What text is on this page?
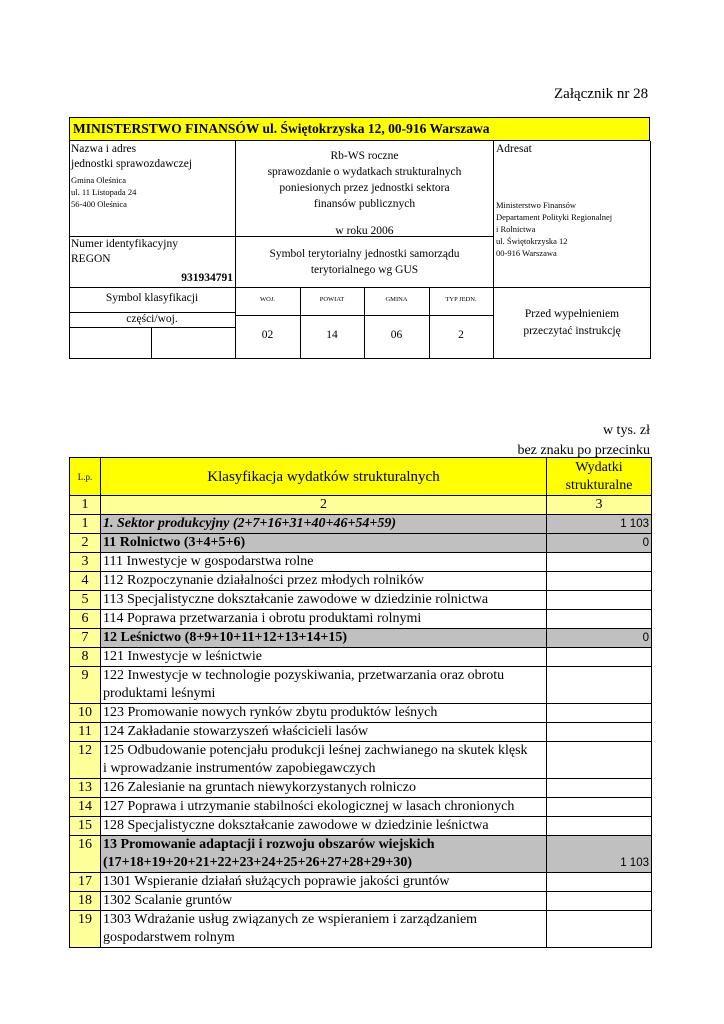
Załącznik nr 28
MINISTERSTWO FINANSÓW ul. Świętokrzyska 12, 00-916 Warszawa
Nazwa i adres
jednostki sprawozdawczej
Gmina Oleśnica
ul. 11 Listopada 24
56-400 Oleśnica
Rb-WS roczne
sprawozdanie o wydatkach strukturalnych
poniesionych przez jednostki sektora
finansów publicznych
w roku 2006
Adresat
Ministerstwo Finansów
Departament Polityki Regionalnej
i Rolnictwa
ul. Świętokrzyska 12
00-916 Warszawa
Numer identyfikacyjny
REGON
931934791
Symbol terytorialny jednostki samorządu
terytorialnego wg GUS
Symbol klasyfikacji
części/woj.
WOJ.	POWIAT	GMINA	TYP JEDN.
02	14	06	2
Przed wypełnieniem
przeczytać instrukcję
w tys. zł
bez znaku po przecinku
L.p.	Klasyfikacja wydatków strukturalnych	Wydatki
strukturalne

1	2	3
1	1. Sektor produkcyjny (2+7+16+31+40+46+54+59)	1 103
2	11 Rolnictwo (3+4+5+6)	0
3	111 Inwestycje w gospodarstwa rolne	

4	112 Rozpoczynanie działalności przez młodych rolników	

5	113 Specjalistyczne dokształcanie zawodowe w dziedzinie rolnictwa	

6	114 Poprawa przetwarzania i obrotu produktami rolnymi	

7	12 Leśnictwo (8+9+10+11+12+13+14+15)	0
8	121 Inwestycje w leśnictwie	

9	122 Inwestycje w technologie pozyskiwania, przetwarzania oraz obrotu
produktami leśnymi	

10	123 Promowanie nowych rynków zbytu produktów leśnych	

11	124 Zakładanie stowarzyszeń właścicieli lasów	

12	125 Odbudowanie potencjału produkcji leśnej zachwianego na skutek klęsk
i wprowadzanie instrumentów zapobiegawczych	

13	126 Zalesianie na gruntach niewykorzystanych rolniczo	

14	127 Poprawa i utrzymanie stabilności ekologicznej w lasach chronionych	

15	128 Specjalistyczne dokształcanie zawodowe w dziedzinie leśnictwa	

16	13 Promowanie adaptacji i rozwoju obszarów wiejskich
(17+18+19+20+21+22+23+24+25+26+27+28+29+30)	1 103
17	1301 Wspieranie działań służących poprawie jakości gruntów	

18	1302 Scalanie gruntów	

19	1303 Wdrażanie usług związanych ze wspieraniem i zarządzaniem
gospodarstwem rolnym	
